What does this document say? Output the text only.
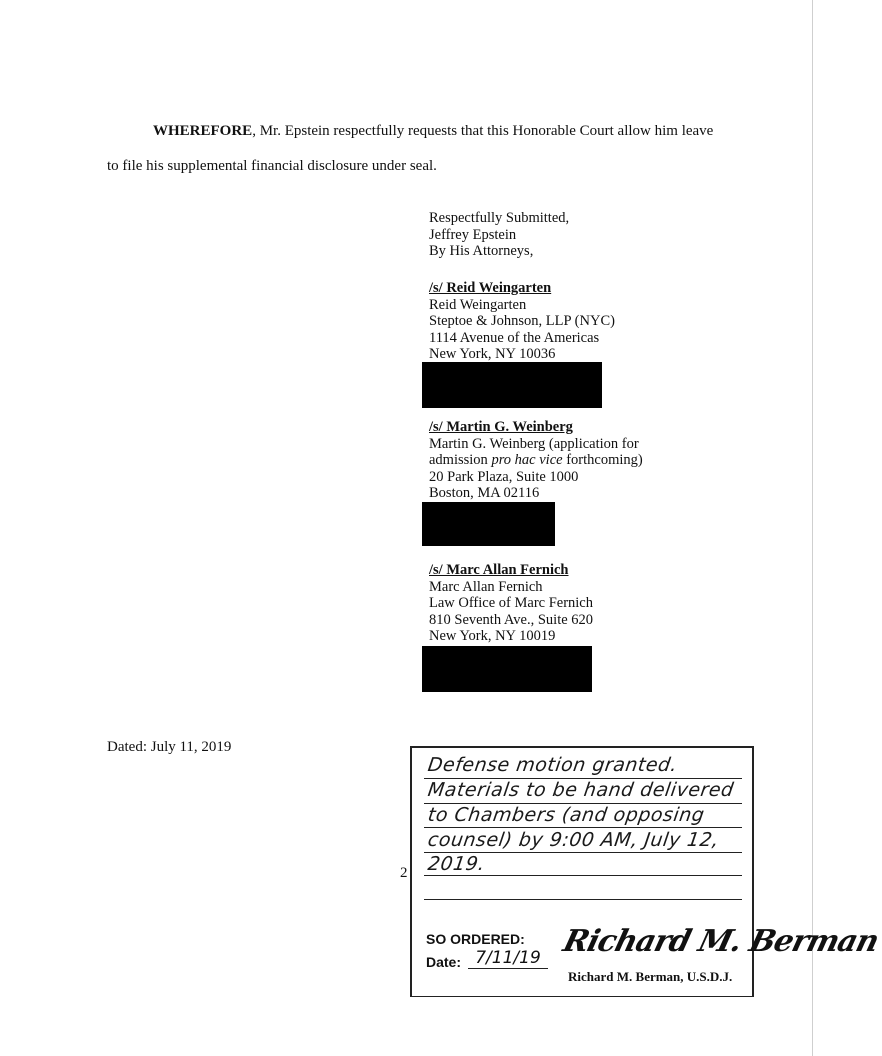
WHEREFORE, Mr. Epstein respectfully requests that this Honorable Court allow him leave
to file his supplemental financial disclosure under seal.
Respectfully Submitted,
Jeffrey Epstein
By His Attorneys,
/s/ Reid Weingarten
Reid Weingarten
Steptoe & Johnson, LLP (NYC)
1114 Avenue of the Americas
New York, NY 10036
/s/ Martin G. Weinberg
Martin G. Weinberg (application for
admission pro hac vice forthcoming)
20 Park Plaza, Suite 1000
Boston, MA 02116
/s/ Marc Allan Fernich
Marc Allan Fernich
Law Office of Marc Fernich
810 Seventh Ave., Suite 620
New York, NY 10019
Dated: July 11, 2019
2
Defense motion granted.
Materials to be hand delivered
to Chambers (and opposing
counsel) by 9:00 AM, July 12,
2019.
SO ORDERED:
Date: 7/11/19 Richard M. Berman
Richard M. Berman, U.S.D.J.
